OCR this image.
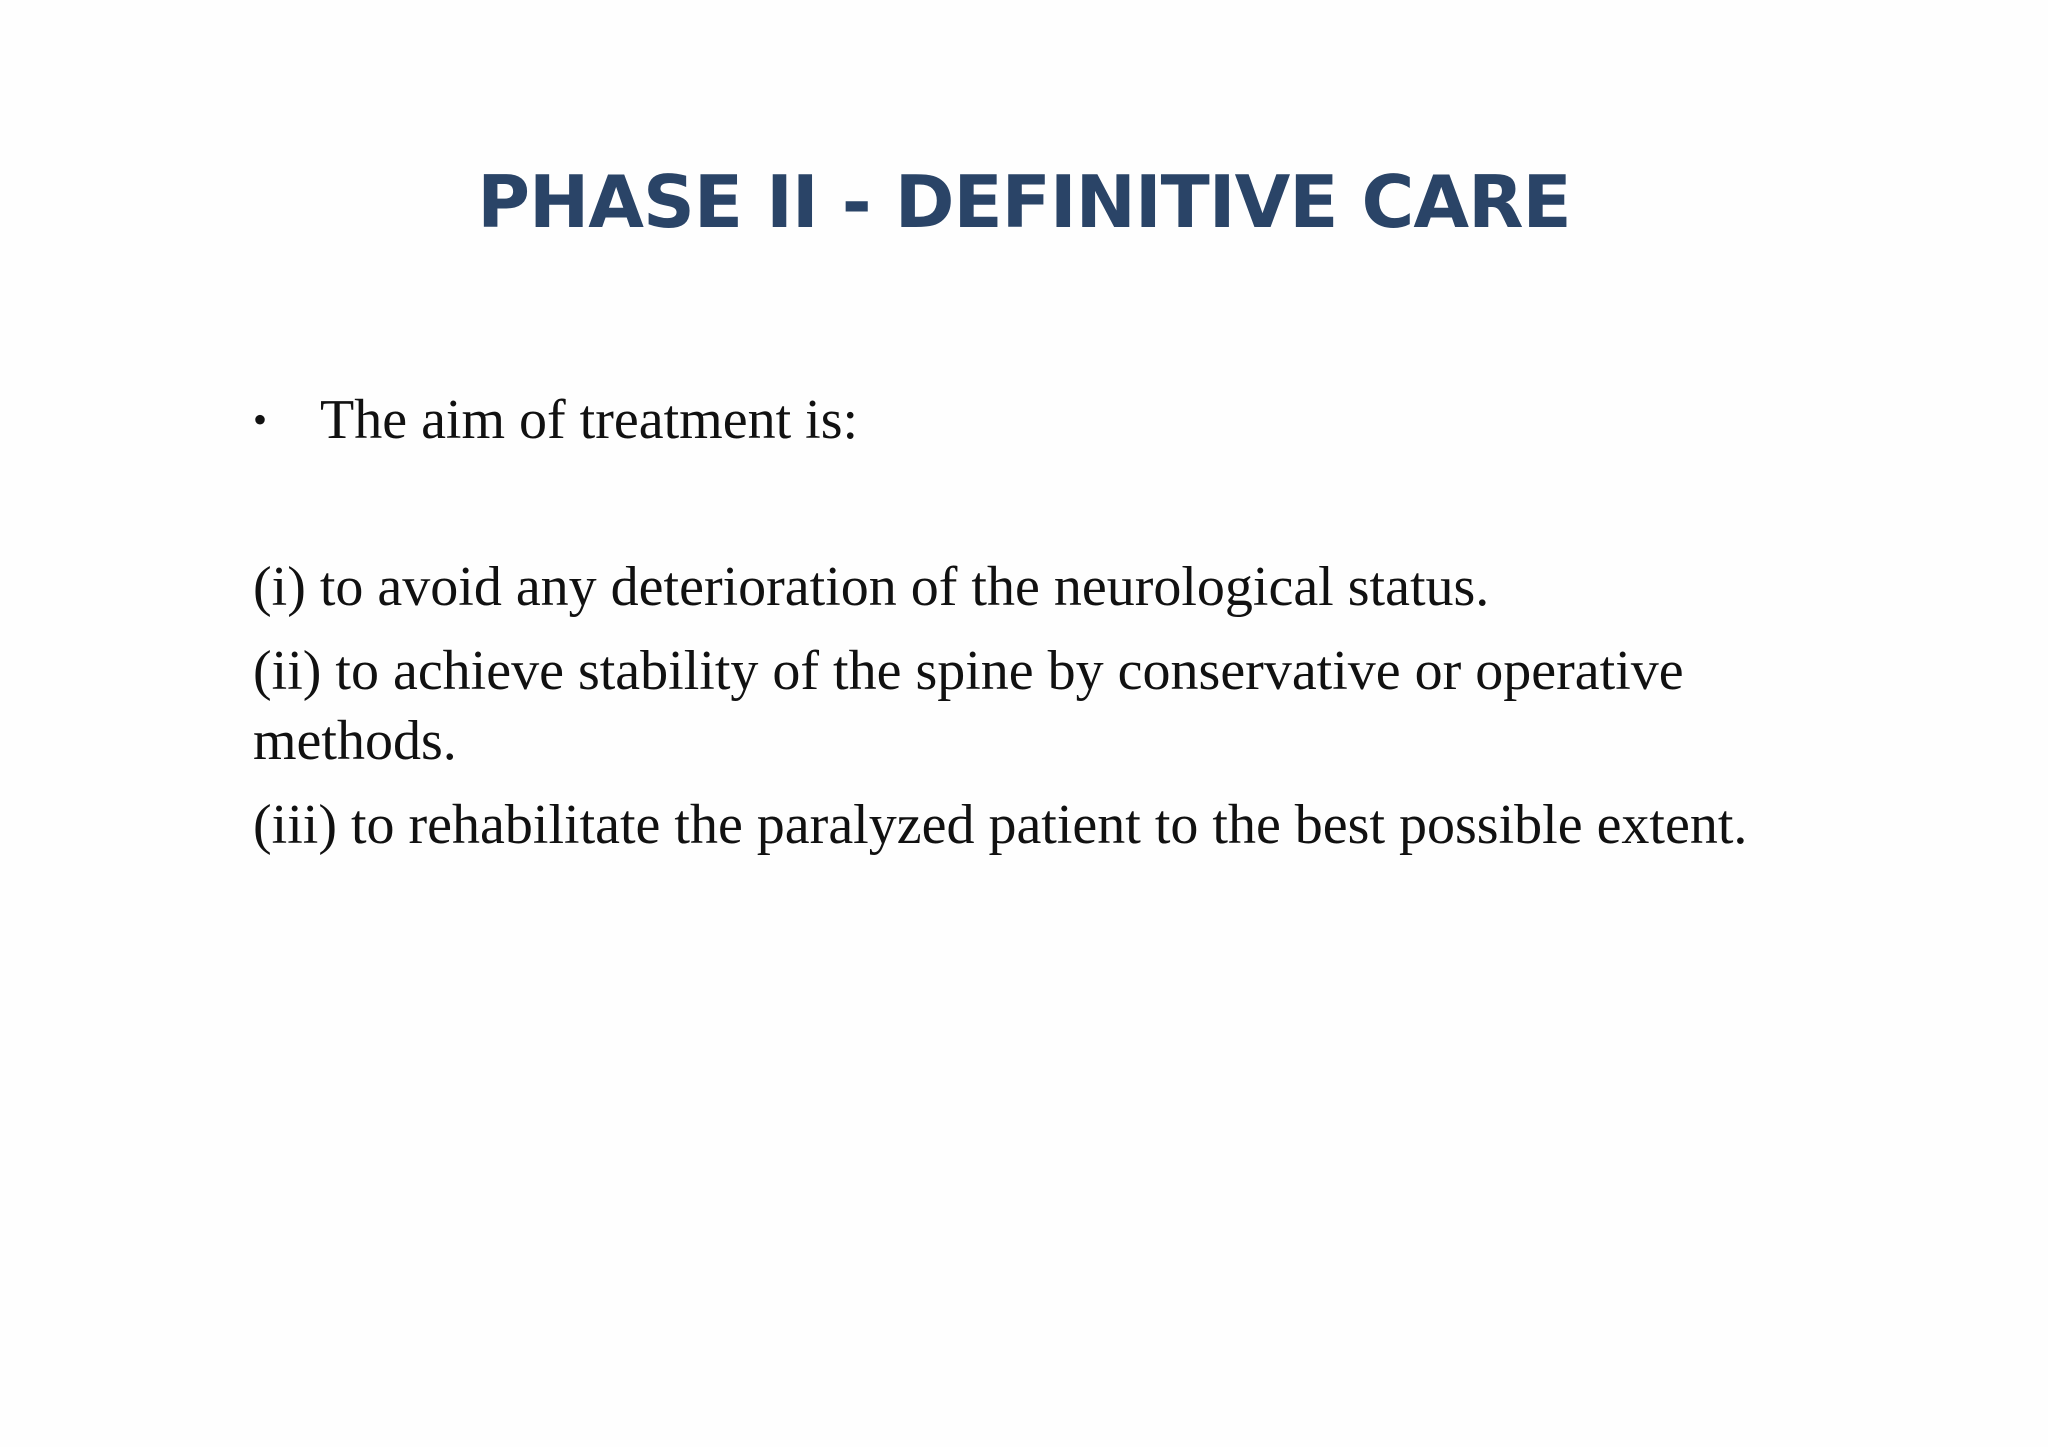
PHASE II - DEFINITIVE CARE
• The aim of treatment is:
(i) to avoid any deterioration of the neurological status.
(ii) to achieve stability of the spine by conservative or operative methods.
(iii) to rehabilitate the paralyzed patient to the best possible extent.
